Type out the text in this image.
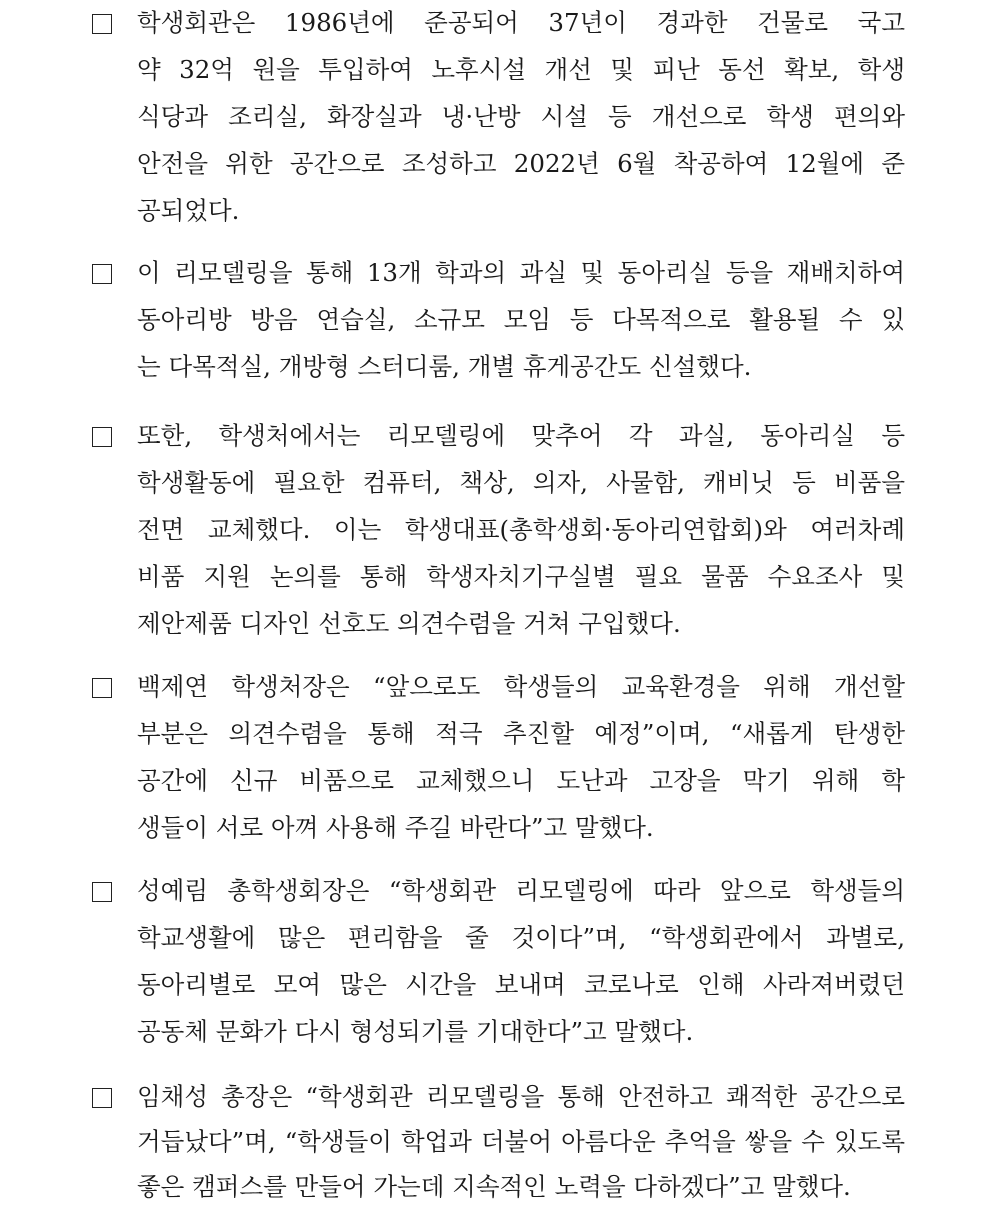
학생회관은 1986년에 준공되어 37년이 경과한 건물로 국고
약 32억 원을 투입하여 노후시설 개선 및 피난 동선 확보, 학생
식당과 조리실, 화장실과 냉·난방 시설 등 개선으로 학생 편의와
안전을 위한 공간으로 조성하고 2022년 6월 착공하여 12월에 준
공되었다.
이 리모델링을 통해 13개 학과의 과실 및 동아리실 등을 재배치하여
동아리방 방음 연습실, 소규모 모임 등 다목적으로 활용될 수 있
는 다목적실, 개방형 스터디룸, 개별 휴게공간도 신설했다.
또한, 학생처에서는 리모델링에 맞추어 각 과실, 동아리실 등
학생활동에 필요한 컴퓨터, 책상, 의자, 사물함, 캐비닛 등 비품을
전면 교체했다. 이는 학생대표(총학생회·동아리연합회)와 여러차례
비품 지원 논의를 통해 학생자치기구실별 필요 물품 수요조사 및
제안제품 디자인 선호도 의견수렴을 거쳐 구입했다.
백제연 학생처장은 “앞으로도 학생들의 교육환경을 위해 개선할
부분은 의견수렴을 통해 적극 추진할 예정”이며, “새롭게 탄생한
공간에 신규 비품으로 교체했으니 도난과 고장을 막기 위해 학
생들이 서로 아껴 사용해 주길 바란다”고 말했다.
성예림 총학생회장은 “학생회관 리모델링에 따라 앞으로 학생들의
학교생활에 많은 편리함을 줄 것이다”며, “학생회관에서 과별로,
동아리별로 모여 많은 시간을 보내며 코로나로 인해 사라져버렸던
공동체 문화가 다시 형성되기를 기대한다”고 말했다.
임채성 총장은 “학생회관 리모델링을 통해 안전하고 쾌적한 공간으로
거듭났다”며, “학생들이 학업과 더불어 아름다운 추억을 쌓을 수 있도록
좋은 캠퍼스를 만들어 가는데 지속적인 노력을 다하겠다”고 말했다.
